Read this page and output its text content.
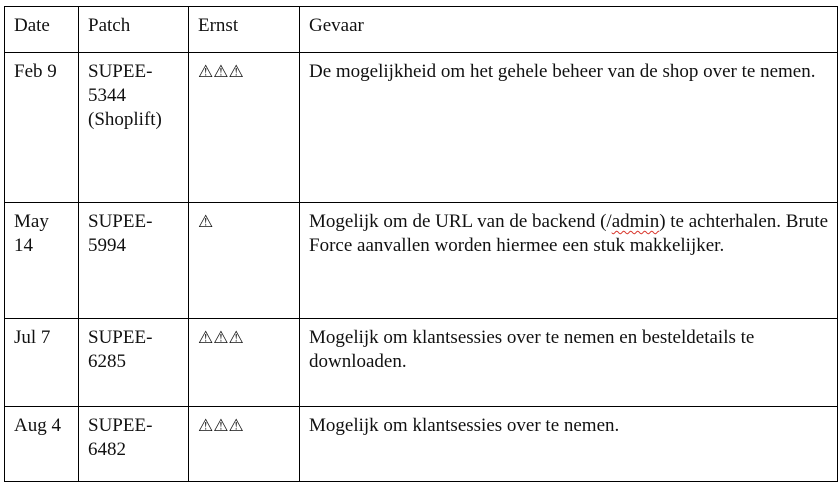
Date	Patch	Ernst	Gevaar
Feb 9	SUPEE-5344 (Shoplift)	⚠⚠⚠	De mogelijkheid om het gehele beheer van de shop over te nemen.
May 14	SUPEE-5994	⚠	Mogelijk om de URL van de backend (/admin) te achterhalen. Brute Force aanvallen worden hiermee een stuk makkelijker.
Jul 7	SUPEE-6285	⚠⚠⚠	Mogelijk om klantsessies over te nemen en besteldetails te downloaden.
Aug 4	SUPEE-6482	⚠⚠⚠	Mogelijk om klantsessies over te nemen.
